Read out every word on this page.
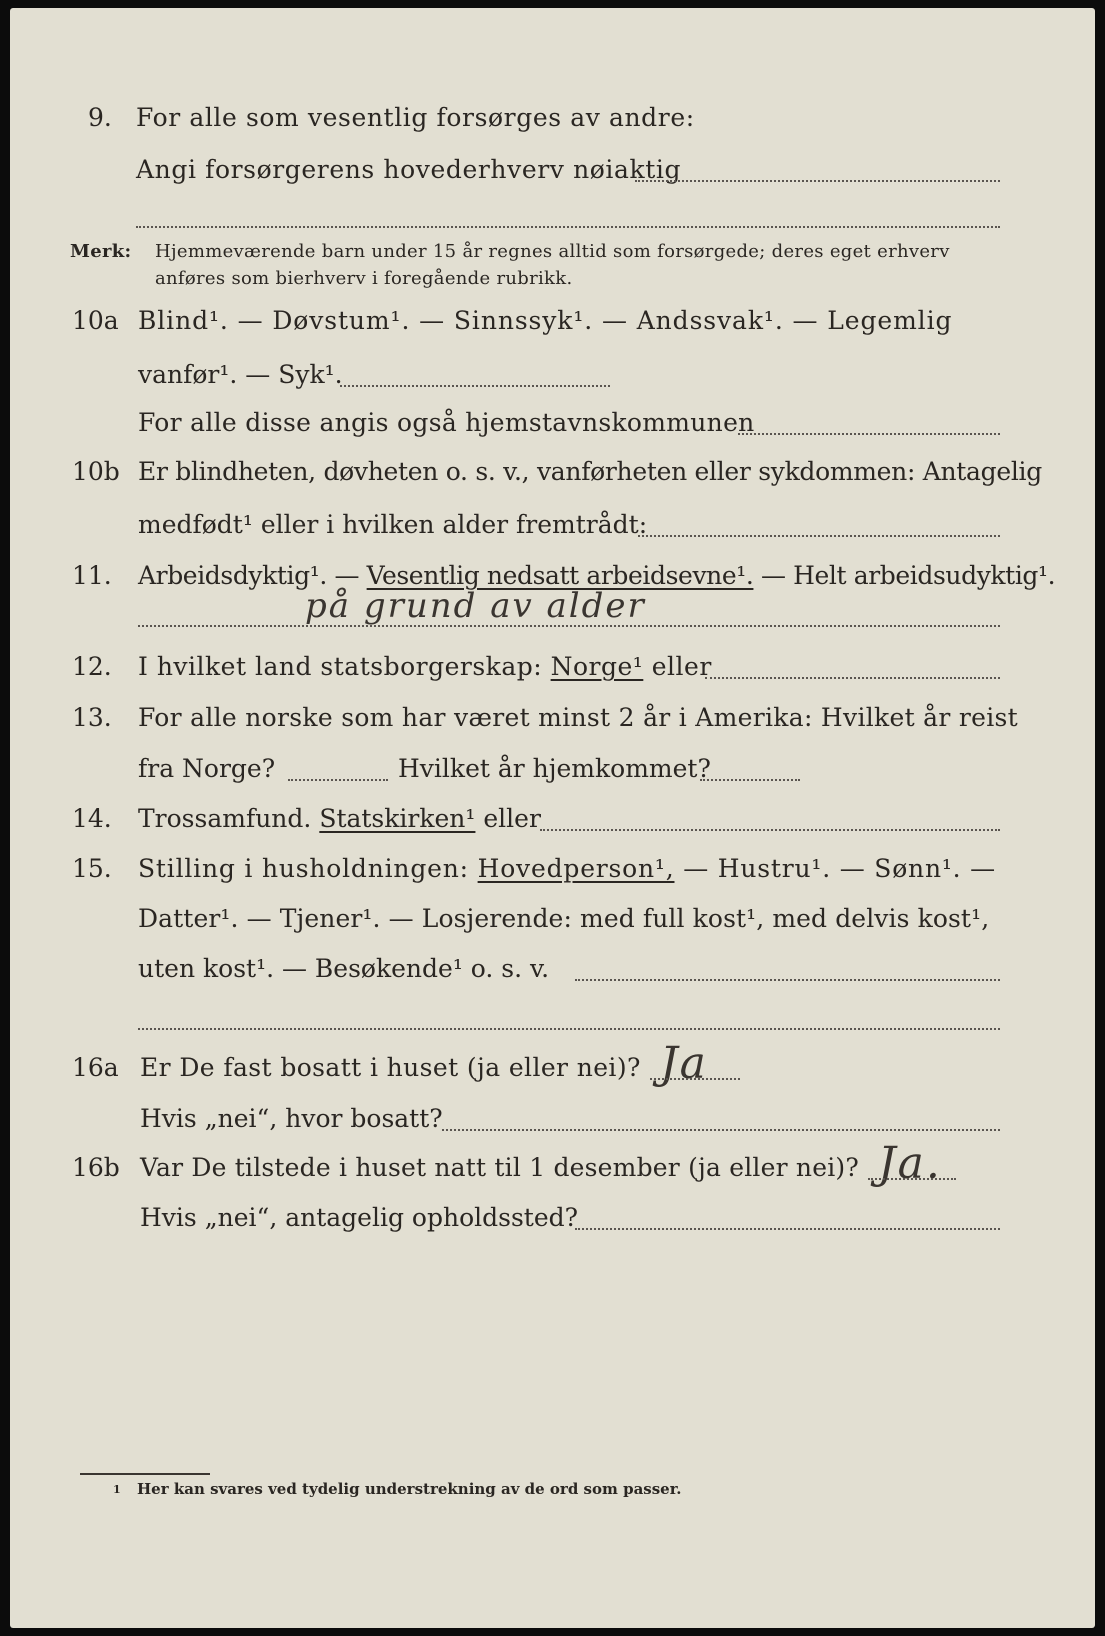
9. For alle som vesentlig forsørges av andre:
Angi forsørgerens hovederhverv nøiaktig
Merk: Hjemmeværende barn under 15 år regnes alltid som forsørgede; deres eget erhverv
anføres som bierhverv i foregående rubrikk.
10a Blind¹. — Døvstum¹. — Sinnssyk¹. — Andssvak¹. — Legemlig
vanfør¹. — Syk¹.
For alle disse angis også hjemstavnskommunen
10b Er blindheten, døvheten o. s. v., vanførheten eller sykdommen: Antagelig
medfødt¹ eller i hvilken alder fremtrådt:
11. Arbeidsdyktig¹. — Vesentlig nedsatt arbeidsevne¹. — Helt arbeidsudyktig¹.
på grund av alder
12. I hvilket land statsborgerskap: Norge¹ eller
13. For alle norske som har været minst 2 år i Amerika: Hvilket år reist
fra Norge?	Hvilket år hjemkommet?
14. Trossamfund. Statskirken¹ eller
15. Stilling i husholdningen: Hovedperson¹, — Hustru¹. — Sønn¹. —
Datter¹. — Tjener¹. — Losjerende: med full kost¹, med delvis kost¹,
uten kost¹. — Besøkende¹ o. s. v.
16a Er De fast bosatt i huset (ja eller nei)? Ja
Hvis „nei“, hvor bosatt?
16b Var De tilstede i huset natt til 1 desember (ja eller nei)? Ja.
Hvis „nei“, antagelig opholdssted?
1 Her kan svares ved tydelig understrekning av de ord som passer.
